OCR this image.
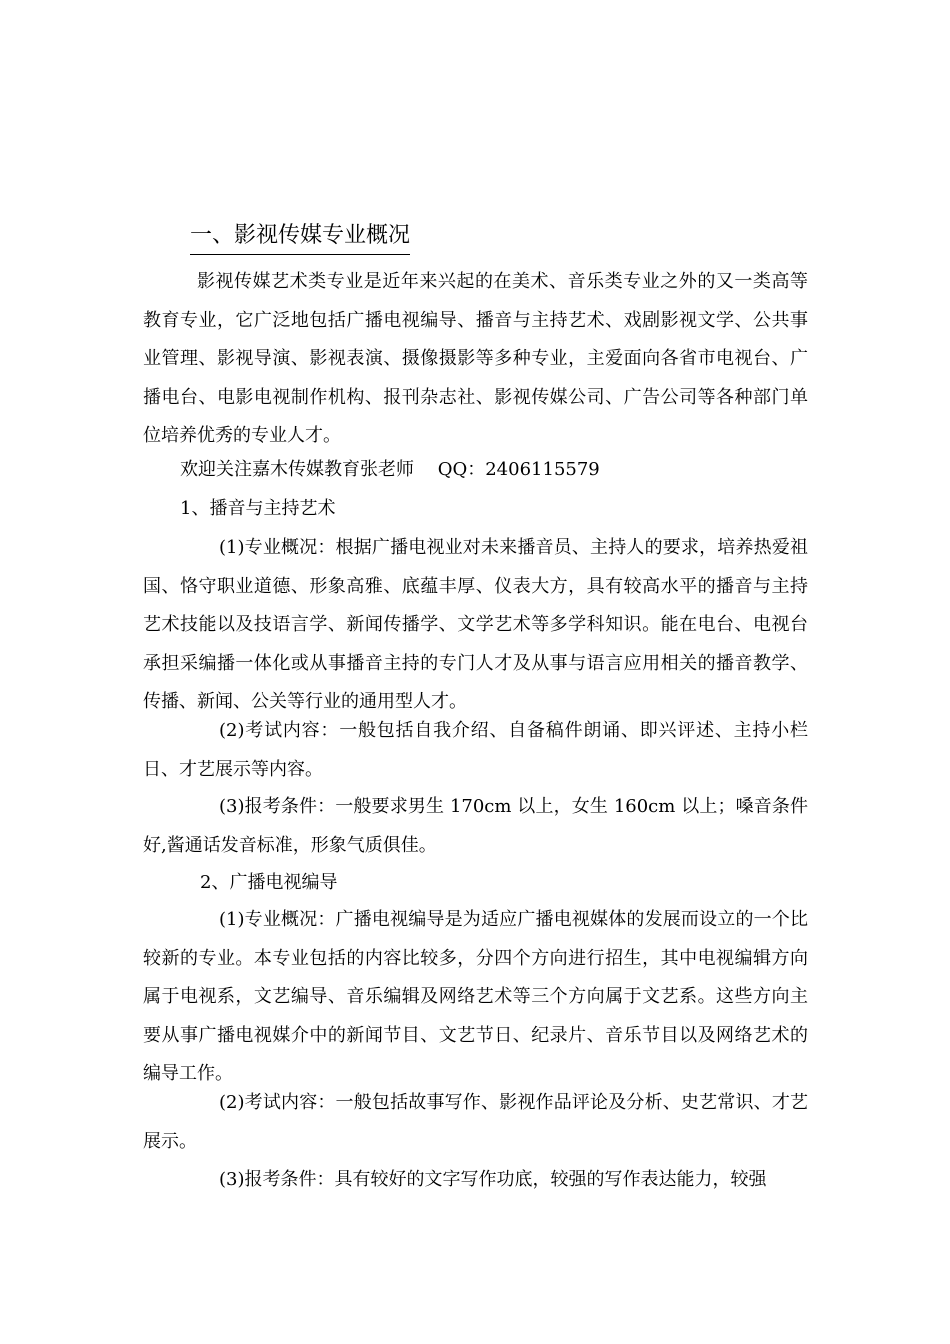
一、影视传媒专业概况

影视传媒艺术类专业是近年来兴起的在美术、音乐类专业之外的又一类高等教育专业，它广泛地包括广播电视编导、播音与主持艺术、戏剧影视文学、公共事业管理、影视导演、影视表演、摄像摄影等多种专业，主爱面向各省市电视台、广播电台、电影电视制作机构、报刊杂志社、影视传媒公司、广告公司等各种部门单位培养优秀的专业人才。

欢迎关注嘉木传媒教育张老师　 QQ：2406115579

1、播音与主持艺术

(1)专业概况：根据广播电视业对未来播音员、主持人的要求，培养热爱祖国、恪守职业道德、形象高雅、底蕴丰厚、仪表大方，具有较高水平的播音与主持艺术技能以及技语言学、新闻传播学、文学艺术等多学科知识。能在电台、电视台承担采编播一体化或从事播音主持的专门人才及从事与语言应用相关的播音教学、传播、新闻、公关等行业的通用型人才。

(2)考试内容：一般包括自我介绍、自备稿件朗诵、即兴评述、主持小栏日、才艺展示等内容。

(3)报考条件：一般要求男生 170cm 以上，女生 160cm 以上；嗓音条件好,酱通话发音标准，形象气质俱佳。

2、广播电视编导

(1)专业概况：广播电视编导是为适应广播电视媒体的发展而设立的一个比较新的专业。本专业包括的内容比较多，分四个方向进行招生，其中电视编辑方向属于电视系，文艺编导、音乐编辑及网络艺术等三个方向属于文艺系。这些方向主要从事广播电视媒介中的新闻节目、文艺节日、纪录片、音乐节目以及网络艺术的编导工作。

(2)考试内容：一般包括故事写作、影视作品评论及分析、史艺常识、才艺展示。

(3)报考条件：具有较好的文字写作功底，较强的写作表达能力，较强
